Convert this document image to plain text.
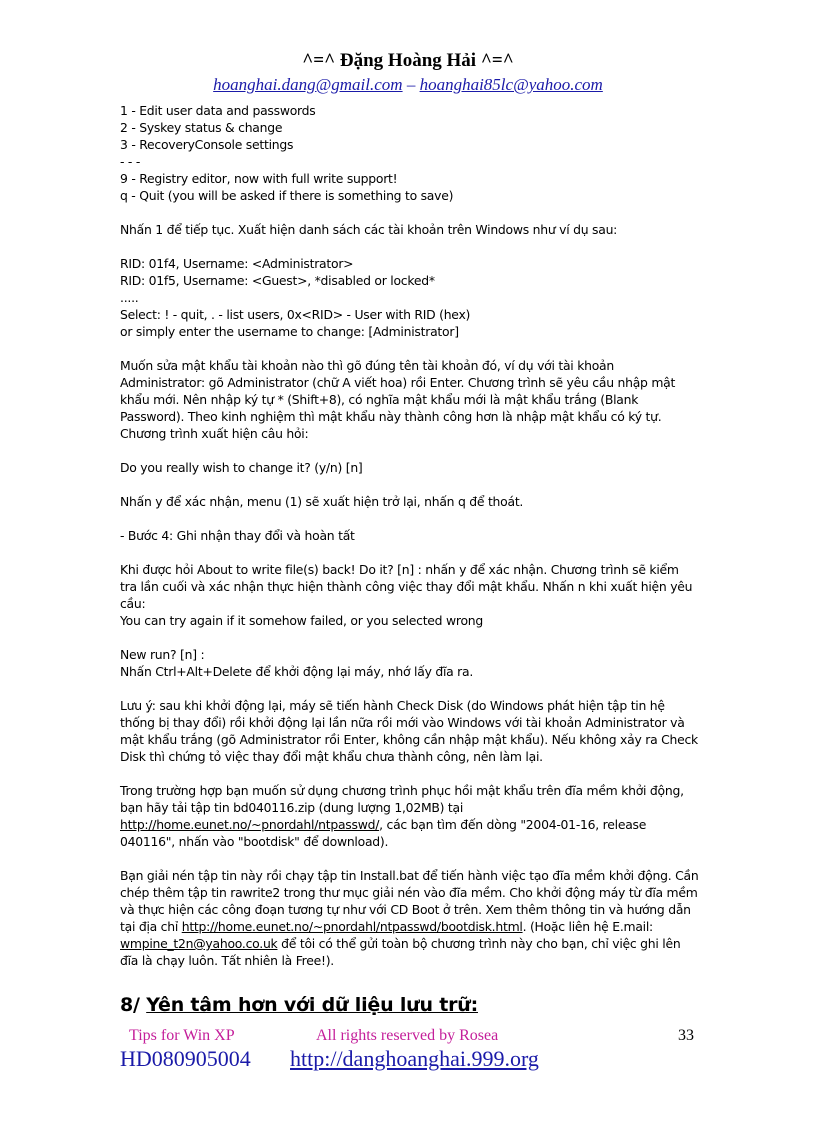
^=^ Đặng Hoàng Hải ^=^
hoanghai.dang@gmail.com – hoanghai85lc@yahoo.com

1 - Edit user data and passwords

2 - Syskey status & change

3 - RecoveryConsole settings

- - -

9 - Registry editor, now with full write support!

q - Quit (you will be asked if there is something to save)

Nhấn 1 để tiếp tục. Xuất hiện danh sách các tài khoản trên Windows như ví dụ sau:

RID: 01f4, Username: <Administrator>

RID: 01f5, Username: <Guest>, *disabled or locked*

.....

Select: ! - quit, . - list users, 0x<RID> - User with RID (hex)

or simply enter the username to change: [Administrator]

Muốn sửa mật khẩu tài khoản nào thì gõ đúng tên tài khoản đó, ví dụ với tài khoản

Administrator: gõ Administrator (chữ A viết hoa) rồi Enter. Chương trình sẽ yêu cầu nhập mật

khẩu mới. Nên nhập ký tự * (Shift+8), có nghĩa mật khẩu mới là mật khẩu trắng (Blank

Password). Theo kinh nghiệm thì mật khẩu này thành công hơn là nhập mật khẩu có ký tự.

Chương trình xuất hiện câu hỏi:

Do you really wish to change it? (y/n) [n]

Nhấn y để xác nhận, menu (1) sẽ xuất hiện trở lại, nhấn q để thoát.

- Bước 4: Ghi nhận thay đổi và hoàn tất

Khi được hỏi About to write file(s) back! Do it? [n] : nhấn y để xác nhận. Chương trình sẽ kiểm

tra lần cuối và xác nhận thực hiện thành công việc thay đổi mật khẩu. Nhấn n khi xuất hiện yêu

cầu:

You can try again if it somehow failed, or you selected wrong

New run? [n] :

Nhấn Ctrl+Alt+Delete để khởi động lại máy, nhớ lấy đĩa ra.

Lưu ý: sau khi khởi động lại, máy sẽ tiến hành Check Disk (do Windows phát hiện tập tin hệ

thống bị thay đổi) rồi khởi động lại lần nữa rồi mới vào Windows với tài khoản Administrator và

mật khẩu trắng (gõ Administrator rồi Enter, không cần nhập mật khẩu). Nếu không xảy ra Check

Disk thì chứng tỏ việc thay đổi mật khẩu chưa thành công, nên làm lại.

Trong trường hợp bạn muốn sử dụng chương trình phục hồi mật khẩu trên đĩa mềm khởi động,

bạn hãy tải tập tin bd040116.zip (dung lượng 1,02MB) tại

http://home.eunet.no/~pnordahl/ntpasswd/, các bạn tìm đến dòng "2004-01-16, release

040116", nhấn vào "bootdisk" để download).

Bạn giải nén tập tin này rồi chạy tập tin Install.bat để tiến hành việc tạo đĩa mềm khởi động. Cần

chép thêm tập tin rawrite2 trong thư mục giải nén vào đĩa mềm. Cho khởi động máy từ đĩa mềm

và thực hiện các công đoạn tương tự như với CD Boot ở trên. Xem thêm thông tin và hướng dẫn

tại địa chỉ http://home.eunet.no/~pnordahl/ntpasswd/bootdisk.html. (Hoặc liên hệ E.mail:

wmpine_t2n@yahoo.co.uk để tôi có thể gửi toàn bộ chương trình này cho bạn, chỉ việc ghi lên

đĩa là chạy luôn. Tất nhiên là Free!).

8/ Yên tâm hơn với dữ liệu lưu trữ:
Tips for Win XP	All rights reserved by Rosea	33
HD080905004 http://danghoanghai.999.org
